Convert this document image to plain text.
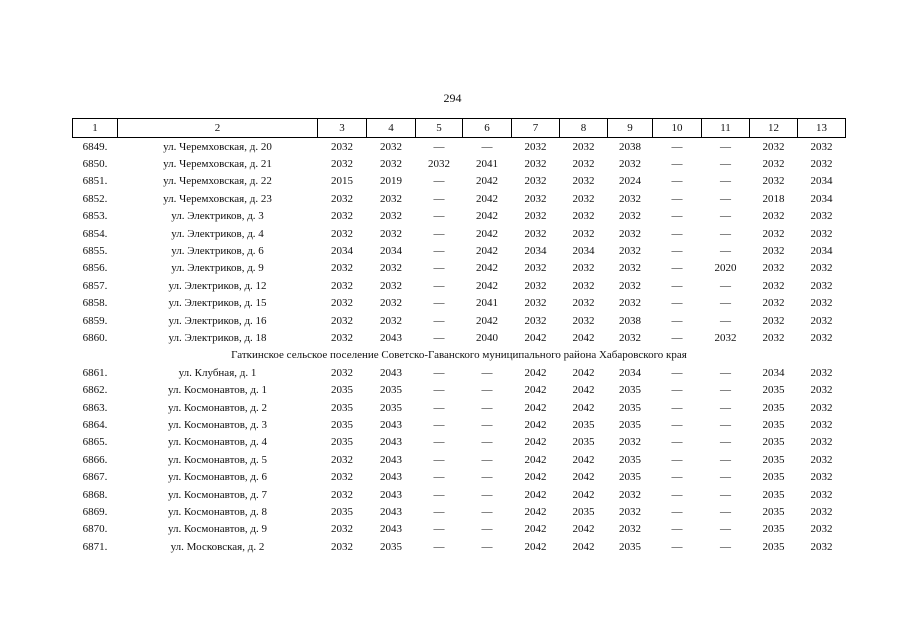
294
1	2	3	4	5	6	7	8	9	10	11	12	13
6849.	ул. Черемховская, д. 20	2032	2032	—	—	2032	2032	2038	—	—	2032	2032
6850.	ул. Черемховская, д. 21	2032	2032	2032	2041	2032	2032	2032	—	—	2032	2032
6851.	ул. Черемховская, д. 22	2015	2019	—	2042	2032	2032	2024	—	—	2032	2034
6852.	ул. Черемховская, д. 23	2032	2032	—	2042	2032	2032	2032	—	—	2018	2034
6853.	ул. Электриков, д. 3	2032	2032	—	2042	2032	2032	2032	—	—	2032	2032
6854.	ул. Электриков, д. 4	2032	2032	—	2042	2032	2032	2032	—	—	2032	2032
6855.	ул. Электриков, д. 6	2034	2034	—	2042	2034	2034	2032	—	—	2032	2034
6856.	ул. Электриков, д. 9	2032	2032	—	2042	2032	2032	2032	—	2020	2032	2032
6857.	ул. Электриков, д. 12	2032	2032	—	2042	2032	2032	2032	—	—	2032	2032
6858.	ул. Электриков, д. 15	2032	2032	—	2041	2032	2032	2032	—	—	2032	2032
6859.	ул. Электриков, д. 16	2032	2032	—	2042	2032	2032	2038	—	—	2032	2032
6860.	ул. Электриков, д. 18	2032	2043	—	2040	2042	2042	2032	—	2032	2032	2032
Гаткинское сельское поселение Советско-Гаванского муниципального района Хабаровского края												
6861.	ул. Клубная, д. 1	2032	2043	—	—	2042	2042	2034	—	—	2034	2032
6862.	ул. Космонавтов, д. 1	2035	2035	—	—	2042	2042	2035	—	—	2035	2032
6863.	ул. Космонавтов, д. 2	2035	2035	—	—	2042	2042	2035	—	—	2035	2032
6864.	ул. Космонавтов, д. 3	2035	2043	—	—	2042	2035	2035	—	—	2035	2032
6865.	ул. Космонавтов, д. 4	2035	2043	—	—	2042	2035	2032	—	—	2035	2032
6866.	ул. Космонавтов, д. 5	2032	2043	—	—	2042	2042	2035	—	—	2035	2032
6867.	ул. Космонавтов, д. 6	2032	2043	—	—	2042	2042	2035	—	—	2035	2032
6868.	ул. Космонавтов, д. 7	2032	2043	—	—	2042	2042	2032	—	—	2035	2032
6869.	ул. Космонавтов, д. 8	2035	2043	—	—	2042	2035	2032	—	—	2035	2032
6870.	ул. Космонавтов, д. 9	2032	2043	—	—	2042	2042	2032	—	—	2035	2032
6871.	ул. Московская, д. 2	2032	2035	—	—	2042	2042	2035	—	—	2035	2032
